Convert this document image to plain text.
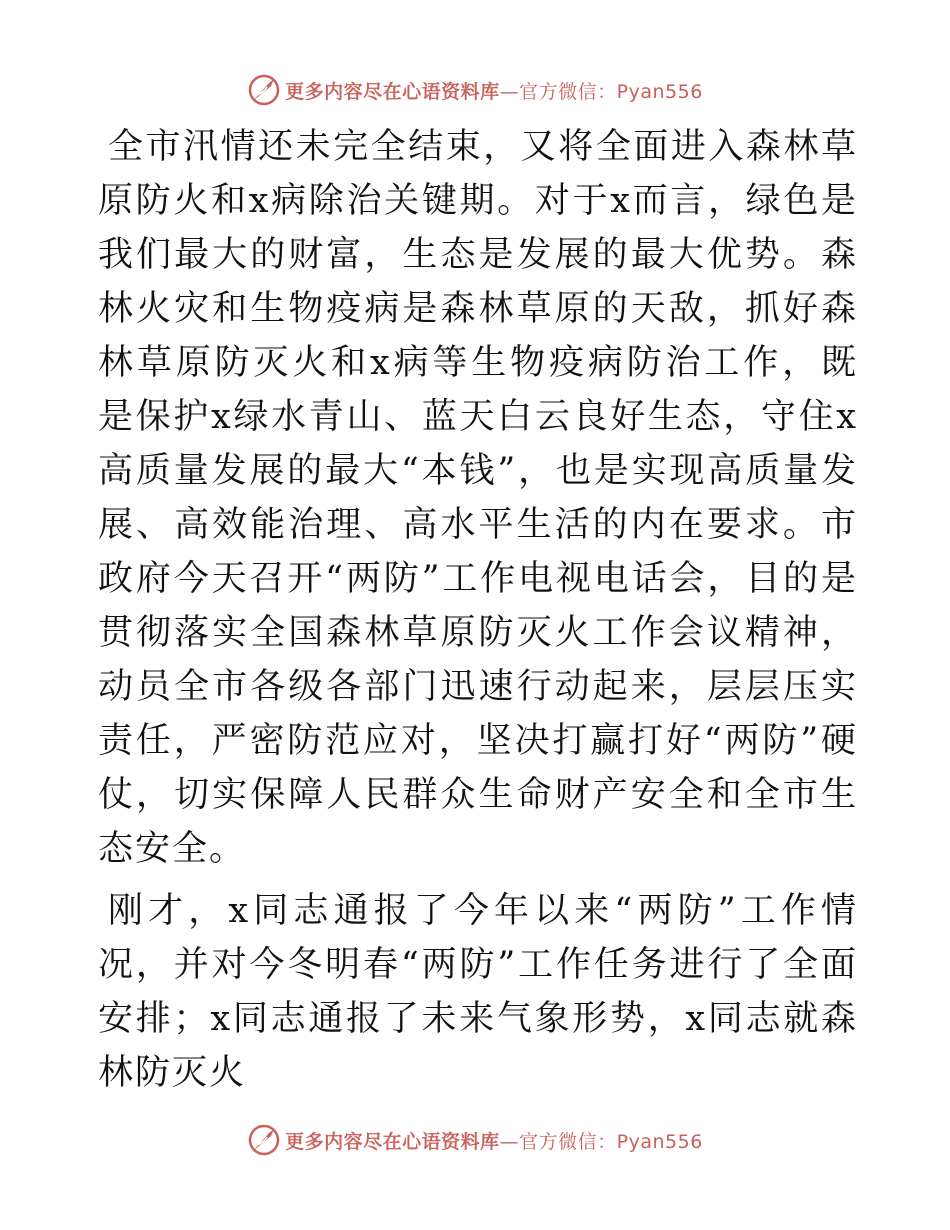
更多内容尽在心语资料库—官方微信：Pyan556

全市汛情还未完全结束，又将全面进入森林草原防火和x病除治关键期。对于x而言，绿色是我们最大的财富，生态是发展的最大优势。森林火灾和生物疫病是森林草原的天敌，抓好森林草原防灭火和x病等生物疫病防治工作，既是保护x绿水青山、蓝天白云良好生态，守住x高质量发展的最大“本钱”，也是实现高质量发展、高效能治理、高水平生活的内在要求。市政府今天召开“两防”工作电视电话会，目的是贯彻落实全国森林草原防灭火工作会议精神，动员全市各级各部门迅速行动起来，层层压实责任，严密防范应对，坚决打赢打好“两防”硬仗，切实保障人民群众生命财产安全和全市生态安全。

刚才，x同志通报了今年以来“两防”工作情况，并对今冬明春“两防”工作任务进行了全面安排；x同志通报了未来气象形势，x同志就森林防灭火

更多内容尽在心语资料库—官方微信：Pyan556
